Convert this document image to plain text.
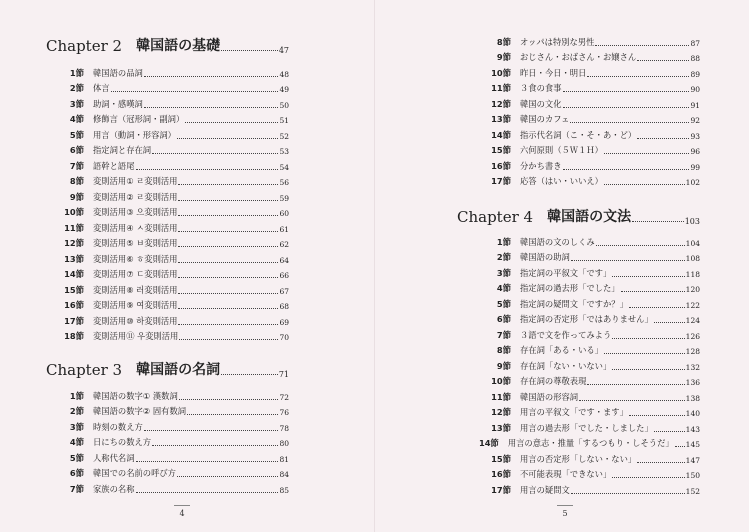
Chapter 2 韓国語の基礎	47
1節 韓国語の品詞	48
2節 体言	49
3節 助詞・感嘆詞	50
4節 修飾言（冠形詞・副詞）	51
5節 用言（動詞・形容詞）	52
6節 指定詞と存在詞	53
7節 語幹と語尾	54
8節 変則活用① ㄹ変則活用	56
9節 変則活用② ㄹ変則活用	59
10節 変則活用③ 으変則活用	60
11節 変則活用④ ㅅ変則活用	61
12節 変則活用⑤ ㅂ変則活用	62
13節 変則活用⑥ ㅎ変則活用	64
14節 変則活用⑦ ㄷ変則活用	66
15節 変則活用⑧ 러変則活用	67
16節 変則活用⑨ 여変則活用	68
17節 変則活用⑩ 하変則活用	69
18節 変則活用⑪ 우変則活用	70
Chapter 3 韓国語の名詞	71
1節 韓国語の数字① 漢数詞	72
2節 韓国語の数字② 固有数詞	76
3節 時刻の数え方	78
4節 日にちの数え方	80
5節 人称代名詞	81
6節 韓国での名前の呼び方	84
7節 家族の名称	85
4
8節 オッパは特別な男性	87
9節 おじさん・おばさん・お嬢さん	88
10節 昨日・今日・明日	89
11節 ３食の食事	90
12節 韓国の文化	91
13節 韓国のカフェ	92
14節 指示代名詞（こ・そ・あ・ど）	93
15節 六何原則（５Ｗ１Ｈ）	96
16節 分かち書き	99
17節 応答（はい・いいえ）	102
Chapter 4 韓国語の文法	103
1節 韓国語の文のしくみ	104
2節 韓国語の助詞	108
3節 指定詞の平叙文「です」	118
4節 指定詞の過去形「でした」	120
5節 指定詞の疑問文「ですか？」	122
6節 指定詞の否定形「ではありません」	124
7節 ３語で文を作ってみよう	126
8節 存在詞「ある・いる」	128
9節 存在詞「ない・いない」	132
10節 存在詞の尊敬表現	136
11節 韓国語の形容詞	138
12節 用言の平叙文「です・ます」	140
13節 用言の過去形「でした・しました」	143
14節 用言の意志・推量「するつもり・しそうだ」 145
15節 用言の否定形「しない・ない」	147
16節 不可能表現「できない」	150
17節 用言の疑問文	152
5
